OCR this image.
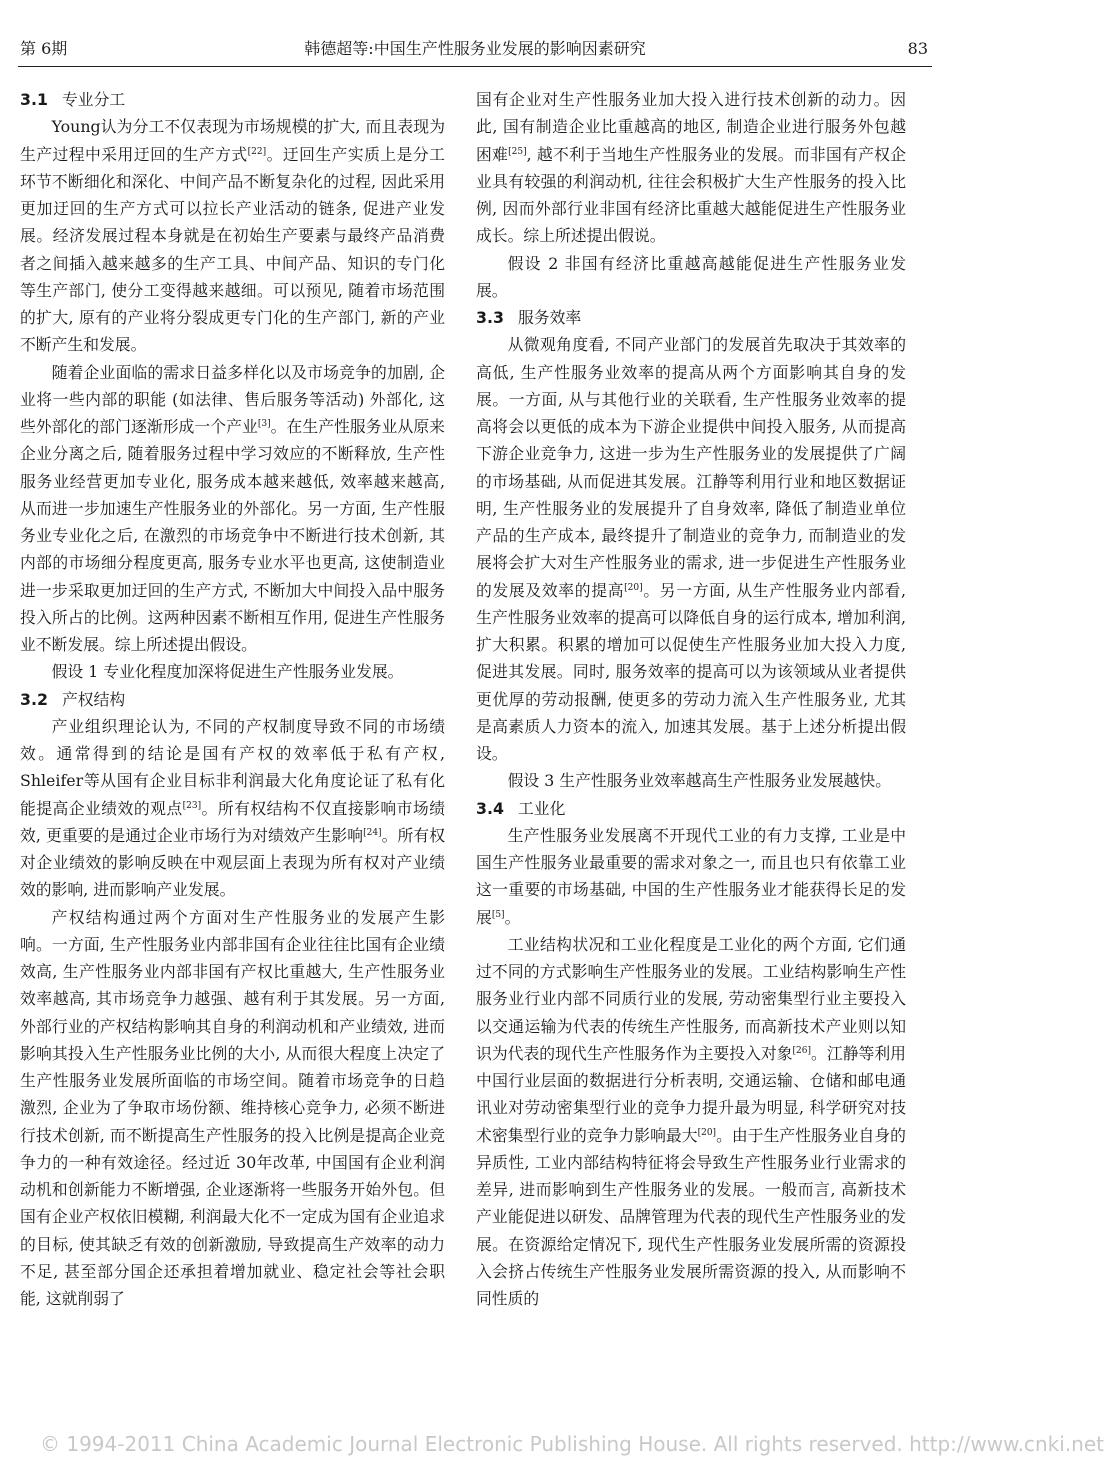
第 6期	韩德超等:中国生产性服务业发展的影响因素研究	83
3.1 专业分工

Young认为分工不仅表现为市场规模的扩大, 而且表现为生产过程中采用迂回的生产方式[22]。迂回生产实质上是分工环节不断细化和深化、中间产品不断复杂化的过程, 因此采用更加迂回的生产方式可以拉长产业活动的链条, 促进产业发展。经济发展过程本身就是在初始生产要素与最终产品消费者之间插入越来越多的生产工具、中间产品、知识的专门化等生产部门, 使分工变得越来越细。可以预见, 随着市场范围的扩大, 原有的产业将分裂成更专门化的生产部门, 新的产业不断产生和发展。

随着企业面临的需求日益多样化以及市场竞争的加剧, 企业将一些内部的职能 (如法律、售后服务等活动) 外部化, 这些外部化的部门逐渐形成一个产业[3]。在生产性服务业从原来企业分离之后, 随着服务过程中学习效应的不断释放, 生产性服务业经营更加专业化, 服务成本越来越低, 效率越来越高, 从而进一步加速生产性服务业的外部化。另一方面, 生产性服务业专业化之后, 在激烈的市场竞争中不断进行技术创新, 其内部的市场细分程度更高, 服务专业水平也更高, 这使制造业进一步采取更加迂回的生产方式, 不断加大中间投入品中服务投入所占的比例。这两种因素不断相互作用, 促进生产性服务业不断发展。综上所述提出假设。

假设 1 专业化程度加深将促进生产性服务业发展。

3.2 产权结构

产业组织理论认为, 不同的产权制度导致不同的市场绩效。通常得到的结论是国有产权的效率低于私有产权, Shleifer等从国有企业目标非利润最大化角度论证了私有化能提高企业绩效的观点[23]。所有权结构不仅直接影响市场绩效, 更重要的是通过企业市场行为对绩效产生影响[24]。所有权对企业绩效的影响反映在中观层面上表现为所有权对产业绩效的影响, 进而影响产业发展。

产权结构通过两个方面对生产性服务业的发展产生影响。一方面, 生产性服务业内部非国有企业往往比国有企业绩效高, 生产性服务业内部非国有产权比重越大, 生产性服务业效率越高, 其市场竞争力越强、越有利于其发展。另一方面, 外部行业的产权结构影响其自身的利润动机和产业绩效, 进而影响其投入生产性服务业比例的大小, 从而很大程度上决定了生产性服务业发展所面临的市场空间。随着市场竞争的日趋激烈, 企业为了争取市场份额、维持核心竞争力, 必须不断进行技术创新, 而不断提高生产性服务的投入比例是提高企业竞争力的一种有效途径。经过近 30年改革, 中国国有企业利润动机和创新能力不断增强, 企业逐渐将一些服务开始外包。但国有企业产权依旧模糊, 利润最大化不一定成为国有企业追求的目标, 使其缺乏有效的创新激励, 导致提高生产效率的动力不足, 甚至部分国企还承担着增加就业、稳定社会等社会职能, 这就削弱了

国有企业对生产性服务业加大投入进行技术创新的动力。因此, 国有制造企业比重越高的地区, 制造企业进行服务外包越困难[25], 越不利于当地生产性服务业的发展。而非国有产权企业具有较强的利润动机, 往往会积极扩大生产性服务的投入比例, 因而外部行业非国有经济比重越大越能促进生产性服务业成长。综上所述提出假说。

假设 2 非国有经济比重越高越能促进生产性服务业发展。

3.3 服务效率

从微观角度看, 不同产业部门的发展首先取决于其效率的高低, 生产性服务业效率的提高从两个方面影响其自身的发展。一方面, 从与其他行业的关联看, 生产性服务业效率的提高将会以更低的成本为下游企业提供中间投入服务, 从而提高下游企业竞争力, 这进一步为生产性服务业的发展提供了广阔的市场基础, 从而促进其发展。江静等利用行业和地区数据证明, 生产性服务业的发展提升了自身效率, 降低了制造业单位产品的生产成本, 最终提升了制造业的竞争力, 而制造业的发展将会扩大对生产性服务业的需求, 进一步促进生产性服务业的发展及效率的提高[20]。另一方面, 从生产性服务业内部看, 生产性服务业效率的提高可以降低自身的运行成本, 增加利润, 扩大积累。积累的增加可以促使生产性服务业加大投入力度, 促进其发展。同时, 服务效率的提高可以为该领域从业者提供更优厚的劳动报酬, 使更多的劳动力流入生产性服务业, 尤其是高素质人力资本的流入, 加速其发展。基于上述分析提出假设。

假设 3 生产性服务业效率越高生产性服务业发展越快。

3.4 工业化

生产性服务业发展离不开现代工业的有力支撑, 工业是中国生产性服务业最重要的需求对象之一, 而且也只有依靠工业这一重要的市场基础, 中国的生产性服务业才能获得长足的发展[5]。

工业结构状况和工业化程度是工业化的两个方面, 它们通过不同的方式影响生产性服务业的发展。工业结构影响生产性服务业行业内部不同质行业的发展, 劳动密集型行业主要投入以交通运输为代表的传统生产性服务, 而高新技术产业则以知识为代表的现代生产性服务作为主要投入对象[26]。江静等利用中国行业层面的数据进行分析表明, 交通运输、仓储和邮电通讯业对劳动密集型行业的竞争力提升最为明显, 科学研究对技术密集型行业的竞争力影响最大[20]。由于生产性服务业自身的异质性, 工业内部结构特征将会导致生产性服务业行业需求的差异, 进而影响到生产性服务业的发展。一般而言, 高新技术产业能促进以研发、品牌管理为代表的现代生产性服务业的发展。在资源给定情况下, 现代生产性服务业发展所需的资源投入会挤占传统生产性服务业发展所需资源的投入, 从而影响不同性质的

© 1994-2011 China Academic Journal Electronic Publishing House. All rights reserved. http://www.cnki.net
